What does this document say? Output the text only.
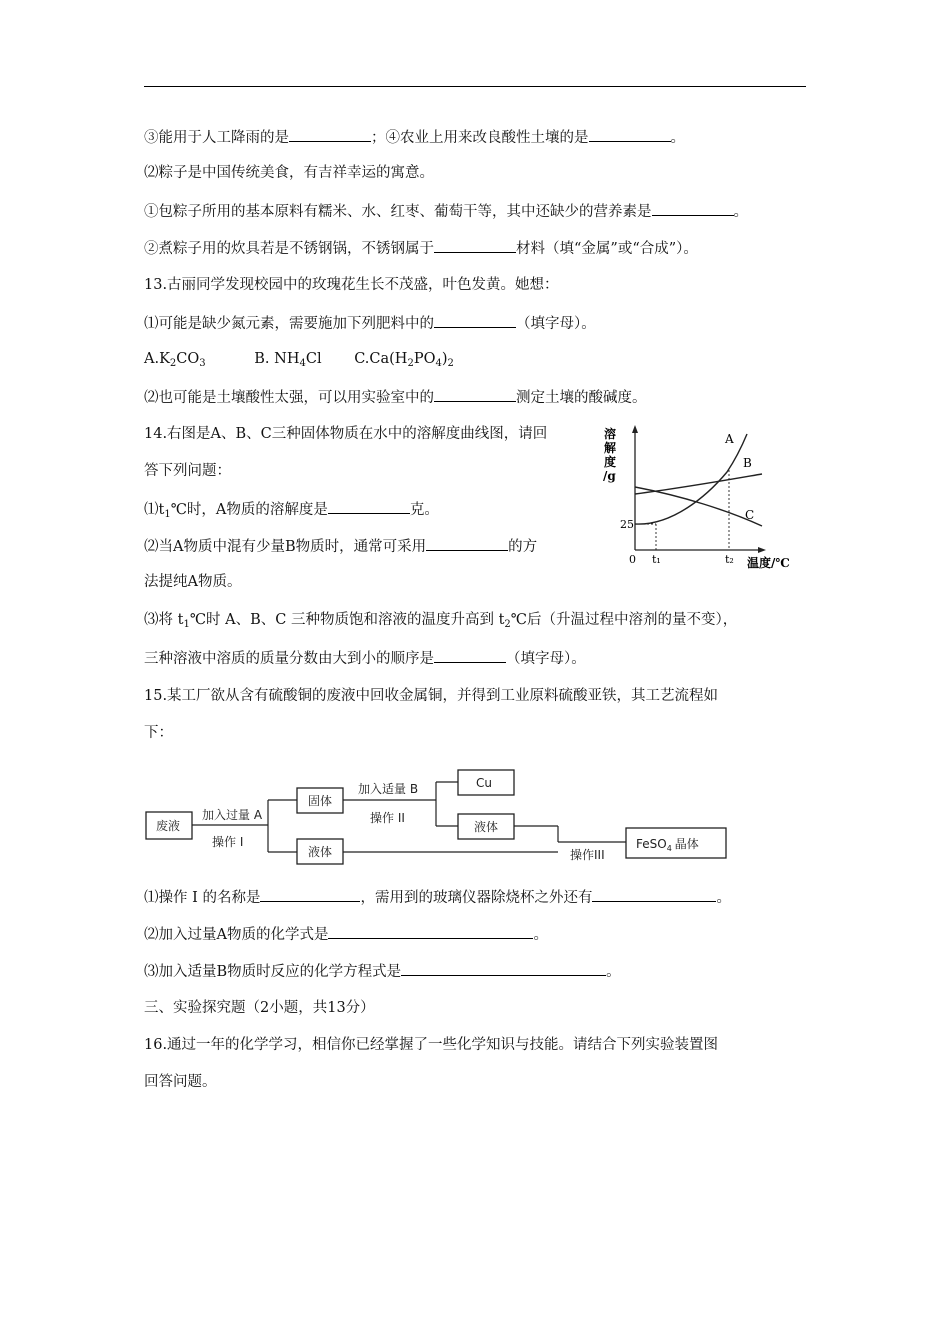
③能用于人工降雨的是	；④农业上用来改良酸性土壤的是	。
⑵粽子是中国传统美食，有吉祥幸运的寓意。
①包粽子所用的基本原料有糯米、水、红枣、葡萄干等，其中还缺少的营养素是	。
②煮粽子用的炊具若是不锈钢锅，不锈钢属于	材料（填“金属”或“合成”）。
13.古丽同学发现校园中的玫瑰花生长不茂盛，叶色发黄。她想：
⑴可能是缺少氮元素，需要施加下列肥料中的	（填字母）。
$A.K_2CO_3$	B. $NH_4Cl$ $C.Ca(H_2PO_4)_2$
⑵也可能是土壤酸性太强，可以用实验室中的	测定土壤的酸碱度。
14.右图是A、B、C三种固体物质在水中的溶解度曲线图，请回
答下列问题：
$⑴t_1℃$时，A物质的溶解度是	克。
⑵当A物质中混有少量B物质时，通常可采用	的方
法提纯A物质。
⑶将 $t_1℃$时 A、B、C 三种物质饱和溶液的温度升高到 $t_2℃$后（升温过程中溶剂的量不变），
三种溶液中溶质的质量分数由大到小的顺序是	（填字母）。
15.某工厂欲从含有硫酸铜的废液中回收金属铜，并得到工业原料硫酸亚铁，其工艺流程如
下：
溶 解 度 /g
25
0 t₁	t₂ 温度/℃
A
B
C
废液
加入过量 A
操作 I
固体
液体
加入适量 B
操作 II
Cu
液体
操作III
FeSO$_4$ 晶体
⑴操作 I 的名称是	，需用到的玻璃仪器除烧杯之外还有	。
⑵加入过量A物质的化学式是	。
⑶加入适量B物质时反应的化学方程式是	。
三、实验探究题（2小题，共13分）
16.通过一年的化学学习，相信你已经掌握了一些化学知识与技能。请结合下列实验装置图
回答问题。
